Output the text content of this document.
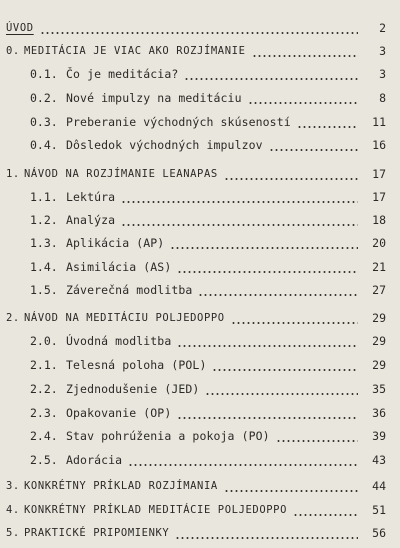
ÚVOD	2
0. MEDITÁCIA JE VIAC AKO ROZJÍMANIE	3
0.1. Čo je meditácia?	3
0.2. Nové impulzy na meditáciu	8
0.3. Preberanie východných skúseností	11
0.4. Dôsledok východných impulzov	16
1. NÁVOD NA ROZJÍMANIE LEANAPAS	17
1.1. Lektúra	17
1.2. Analýza	18
1.3. Aplikácia (AP)	20
1.4. Asimilácia (AS)	21
1.5. Záverečná modlitba	27
2. NÁVOD NA MEDITÁCIU POLJEDOPPO	29
2.0. Úvodná modlitba	29
2.1. Telesná poloha (POL)	29
2.2. Zjednodušenie (JED)	35
2.3. Opakovanie (OP)	36
2.4. Stav pohrúženia a pokoja (PO)	39
2.5. Adorácia	43
3. KONKRÉTNY PRÍKLAD ROZJÍMANIA	44
4. KONKRÉTNY PRÍKLAD MEDITÁCIE POLJEDOPPO	51
5. PRAKTICKÉ PRIPOMIENKY	56
